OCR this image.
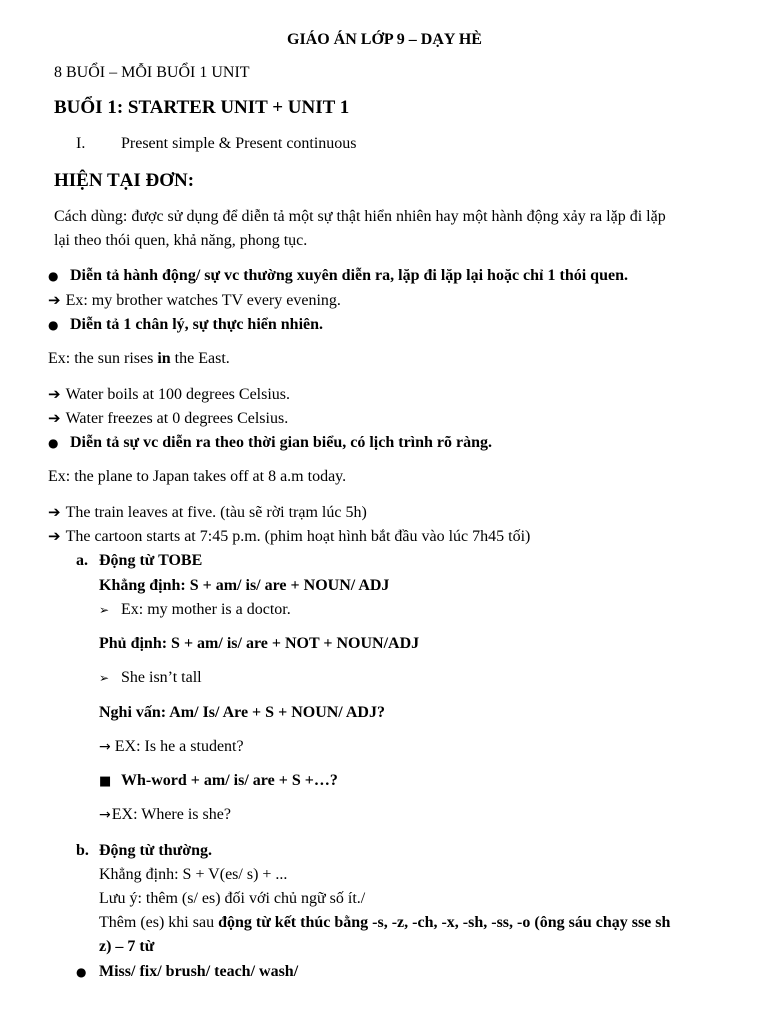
GIÁO ÁN LỚP 9 – DẠY HÈ
8 BUỔI – MỖI BUỔI 1 UNIT
BUỔI 1: STARTER UNIT + UNIT 1
I. Present simple & Present continuous
HIỆN TẠI ĐƠN:
Cách dùng: được sử dụng để diễn tả một sự thật hiển nhiên hay một hành động xảy ra lặp đi lặp
lại theo thói quen, khả năng, phong tục.
● Diễn tả hành động/ sự vc thường xuyên diễn ra, lặp đi lặp lại hoặc chỉ 1 thói quen.
➔ Ex: my brother watches TV every evening.
● Diễn tả 1 chân lý, sự thực hiển nhiên.
Ex: the sun rises in the East.
➔ Water boils at 100 degrees Celsius.
➔ Water freezes at 0 degrees Celsius.
● Diễn tả sự vc diễn ra theo thời gian biểu, có lịch trình rõ ràng.
Ex: the plane to Japan takes off at 8 a.m today.
➔ The train leaves at five. (tàu sẽ rời trạm lúc 5h)
➔ The cartoon starts at 7:45 p.m. (phim hoạt hình bắt đầu vào lúc 7h45 tối)
a. Động từ TOBE
Khẳng định: S + am/ is/ are + NOUN/ ADJ
➢ Ex: my mother is a doctor.
Phủ định: S + am/ is/ are + NOT + NOUN/ADJ
➢ She isn’t tall
Nghi vấn: Am/ Is/ Are + S + NOUN/ ADJ?
→ EX: Is he a student?
■ Wh-word + am/ is/ are + S +…?
→EX: Where is she?
b. Động từ thường.
Khẳng định: S + V(es/ s) + ...
Lưu ý: thêm (s/ es) đối với chủ ngữ số ít./
Thêm (es) khi sau động từ kết thúc bằng -s, -z, -ch, -x, -sh, -ss, -o (ông sáu chạy sse sh
z) – 7 từ
● Miss/ fix/ brush/ teach/ wash/
